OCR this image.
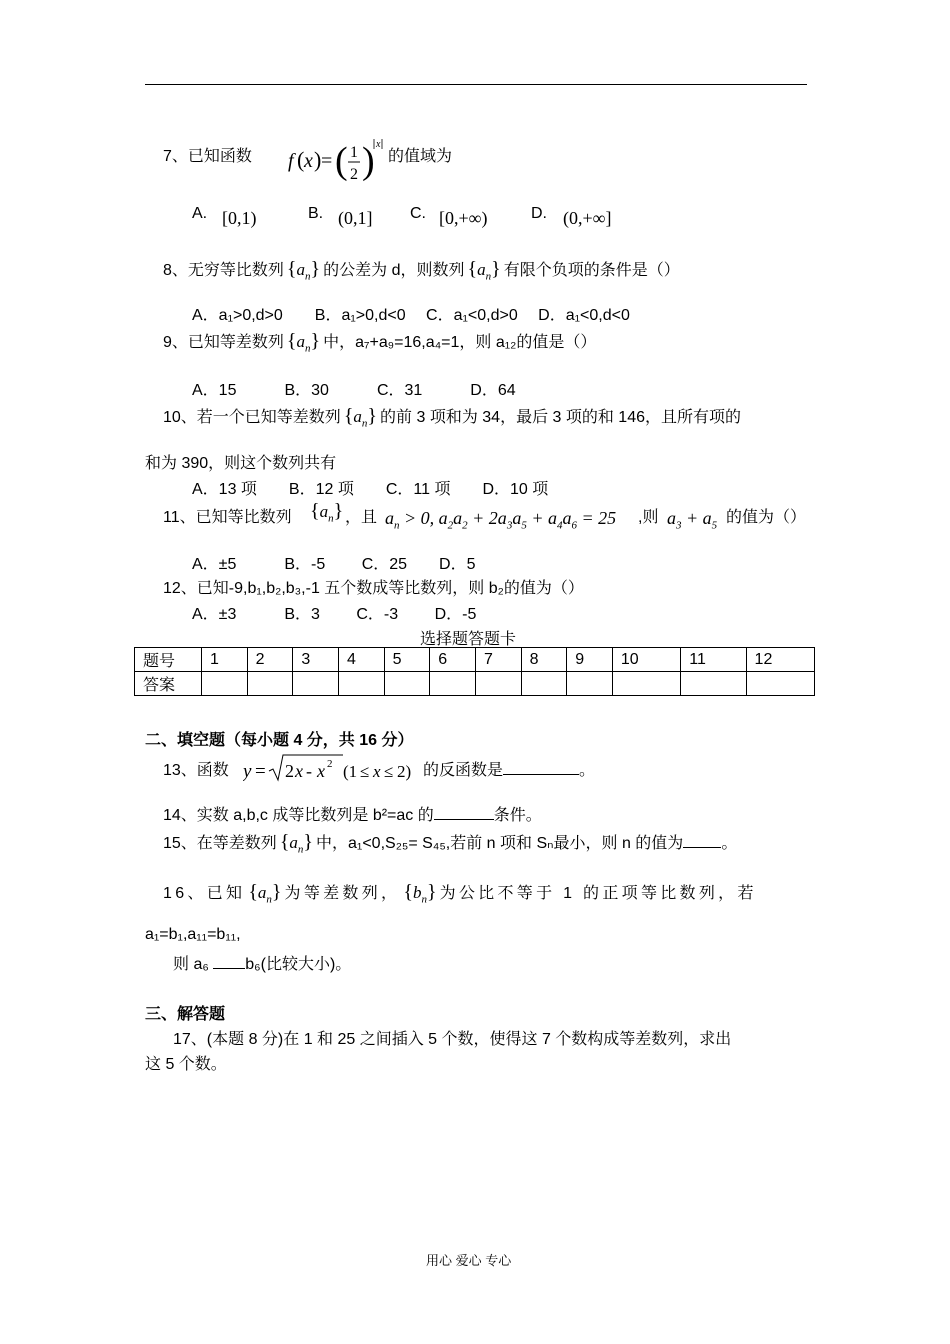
7、已知函数 f ( x ) = ( 1
2 ) x
的值域为
A. [0,1)	B. (0,1] C. [0,+∞)	D. (0,+∞]
8、无穷等比数列 $\{a_n\}$ 的公差为 d，则数列 $\{a_n\}$ 有限个负项的条件是（）
A．a₁>0,d>0　　B．a₁>0,d<0　 C．a₁<0,d>0　 D．a₁<0,d<0
9、已知等差数列 $\{a_n\}$ 中，a₇+a₉=16,a₄=1，则 a₁₂的值是（）
A．15　　　B．30　　　C．31　　　D．64
10、若一个已知等差数列 $\{a_n\}$ 的前 3 项和为 34，最后 3 项的和 146，且所有项的
和为 390，则这个数列共有
A．13 项　　B．12 项　　C．11 项　　D．10 项
11、已知等比数列 $\{a_n\}$ ，且 $a_n > 0$, $a_2a_2 + 2a_3a_5 + a_4a_6 = 25$ ,则 $a_3 + a_5$ 的值为（）
A．±5　　　B．-5　　 C．25　　D．5
12、已知-9,b₁,b₂,b₃,-1 五个数成等比数列，则 b₂的值为（）
A．±3　　　B．3　　 C．-3　　 D．-5
选择题答题卡
题号	1	2	3	4	5	6	7	8	9	10	11	12
答案												
二、填空题（每小题 4 分，共 16 分）
13、函数 y = 2 x - x 2 (1 ≤ x ≤ 2) 的反函数是	。
14、实数 a,b,c 成等比数列是 b²=ac 的	条件。
15、在等差数列 $\{a_n\}$ 中，a₁<0,S₂₅= S₄₅,若前 n 项和 Sₙ最小，则 n 的值为 。
16、已知 $\{a_n\}$ 为等差数列， $\{b_n\}$ 为公比不等于 1 的正项等比数列，若
a₁=b₁,a₁₁=b₁₁,
则 a₆ b₆(比较大小)。
三、解答题
17、(本题 8 分)在 1 和 25 之间插入 5 个数，使得这 7 个数构成等差数列，求出
这 5 个数。
用心 爱心 专心
